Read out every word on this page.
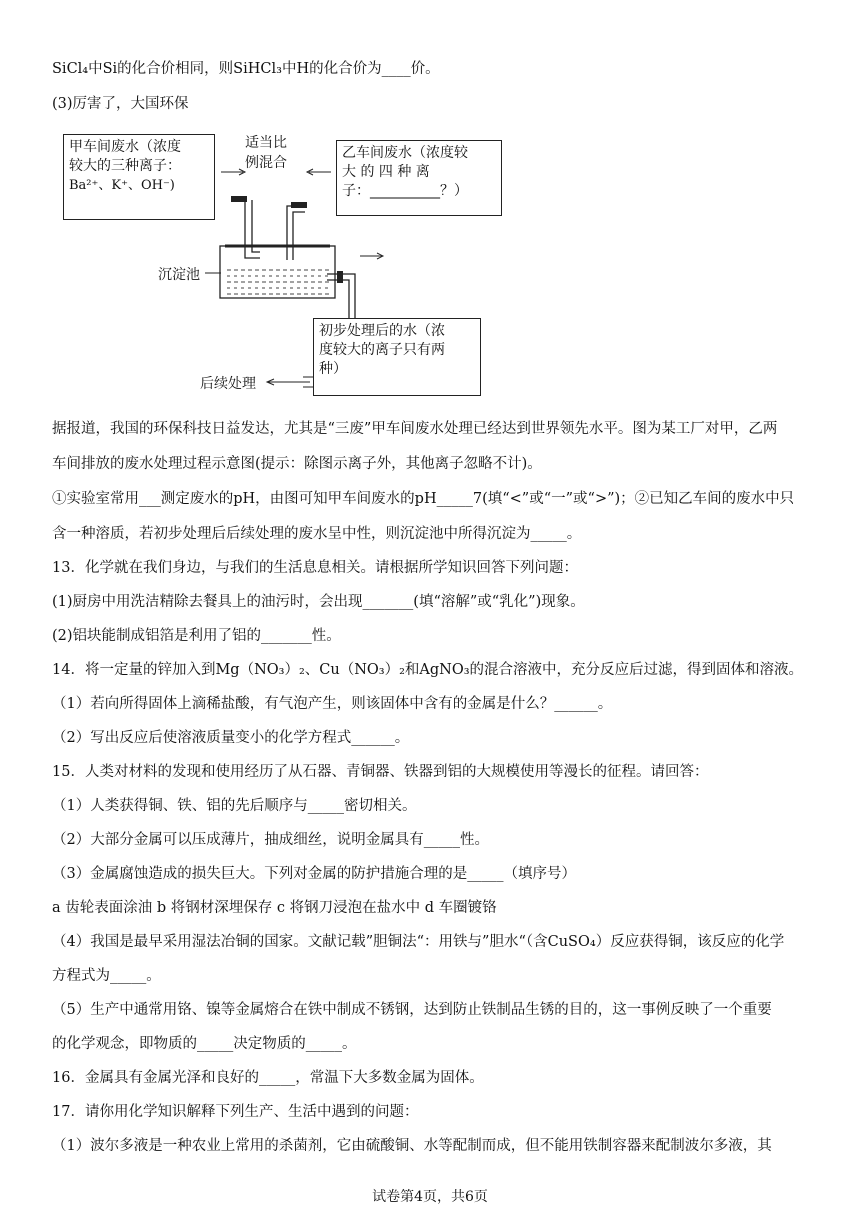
SiCl₄中Si的化合价相同，则SiHCl₃中H的化合价为____价。
(3)厉害了，大国环保
甲车间废水（浓度
较大的三种离子：
Ba²⁺、K⁺、OH⁻)
适当比
例混合
乙车间废水（浓度较
大 的 四 种 离
子：__________？）
沉淀池
初步处理后的水（浓
度较大的离子只有两
种）
后续处理
据报道，我国的环保科技日益发达，尤其是“三废”甲车间废水处理已经达到世界领先水平。图为某工厂对甲，乙两
车间排放的废水处理过程示意图(提示：除图示离子外，其他离子忽略不计)。
①实验室常用___测定废水的pH，由图可知甲车间废水的pH_____7(填“<”或“一”或“>”)；②已知乙车间的废水中只
含一种溶质，若初步处理后后续处理的废水呈中性，则沉淀池中所得沉淀为_____。
13．化学就在我们身边，与我们的生活息息相关。请根据所学知识回答下列问题：
(1)厨房中用洗洁精除去餐具上的油污时，会出现_______(填“溶解”或“乳化”)现象。
(2)铝块能制成铝箔是利用了铝的_______性。
14．将一定量的锌加入到Mg（NO₃）₂、Cu（NO₃）₂和AgNO₃的混合溶液中，充分反应后过滤，得到固体和溶液。
（1）若向所得固体上滴稀盐酸，有气泡产生，则该固体中含有的金属是什么？______。
（2）写出反应后使溶液质量变小的化学方程式______。
15．人类对材料的发现和使用经历了从石器、青铜器、铁器到铝的大规模使用等漫长的征程。请回答：
（1）人类获得铜、铁、铝的先后顺序与_____密切相关。
（2）大部分金属可以压成薄片，抽成细丝，说明金属具有_____性。
（3）金属腐蚀造成的损失巨大。下列对金属的防护措施合理的是_____（填序号）
a 齿轮表面涂油 b 将钢材深埋保存 c 将钢刀浸泡在盐水中 d 车圈镀铬
（4）我国是最早采用湿法冶铜的国家。文献记载”胆铜法“：用铁与”胆水“（含CuSO₄）反应获得铜，该反应的化学
方程式为_____。
（5）生产中通常用铬、镍等金属熔合在铁中制成不锈钢，达到防止铁制品生锈的目的，这一事例反映了一个重要
的化学观念，即物质的_____决定物质的_____。
16．金属具有金属光泽和良好的_____，常温下大多数金属为固体。
17．请你用化学知识解释下列生产、生活中遇到的问题：
（1）波尔多液是一种农业上常用的杀菌剂，它由硫酸铜、水等配制而成，但不能用铁制容器来配制波尔多液，其
试卷第4页，共6页
